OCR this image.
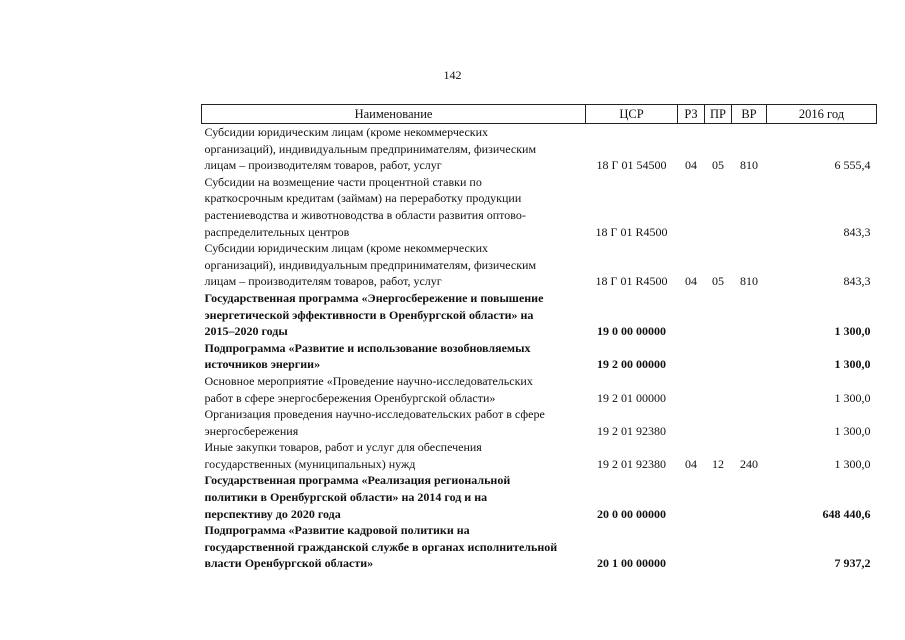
142
Наименование	ЦСР	РЗ	ПР	ВР	2016 год

Субсидии юридическим лицам (кроме некоммерческих
организаций), индивидуальным предпринимателям, физическим
лицам – производителям товаров, работ, услуг	18 Г 01 54500	04	05	810	6 555,4

Субсидии на возмещение части процентной ставки по
краткосрочным кредитам (займам) на переработку продукции
растениеводства и животноводства в области развития оптово-
распределительных центров	18 Г 01 R4500				843,3

Субсидии юридическим лицам (кроме некоммерческих
организаций), индивидуальным предпринимателям, физическим
лицам – производителям товаров, работ, услуг	18 Г 01 R4500	04	05	810	843,3

Государственная программа «Энергосбережение и повышение
энергетической эффективности в Оренбургской области» на
2015–2020 годы	19 0 00 00000				1 300,0

Подпрограмма «Развитие и использование возобновляемых
источников энергии»	19 2 00 00000				1 300,0

Основное мероприятие «Проведение научно-исследовательских
работ в сфере энергосбережения Оренбургской области»	19 2 01 00000				1 300,0

Организация проведения научно-исследовательских работ в сфере
энергосбережения	19 2 01 92380				1 300,0

Иные закупки товаров, работ и услуг для обеспечения
государственных (муниципальных) нужд	19 2 01 92380	04	12	240	1 300,0

Государственная программа «Реализация региональной
политики в Оренбургской области» на 2014 год и на
перспективу до 2020 года	20 0 00 00000				648 440,6

Подпрограмма «Развитие кадровой политики на
государственной гражданской службе в органах исполнительной
власти Оренбургской области»	20 1 00 00000				7 937,2
